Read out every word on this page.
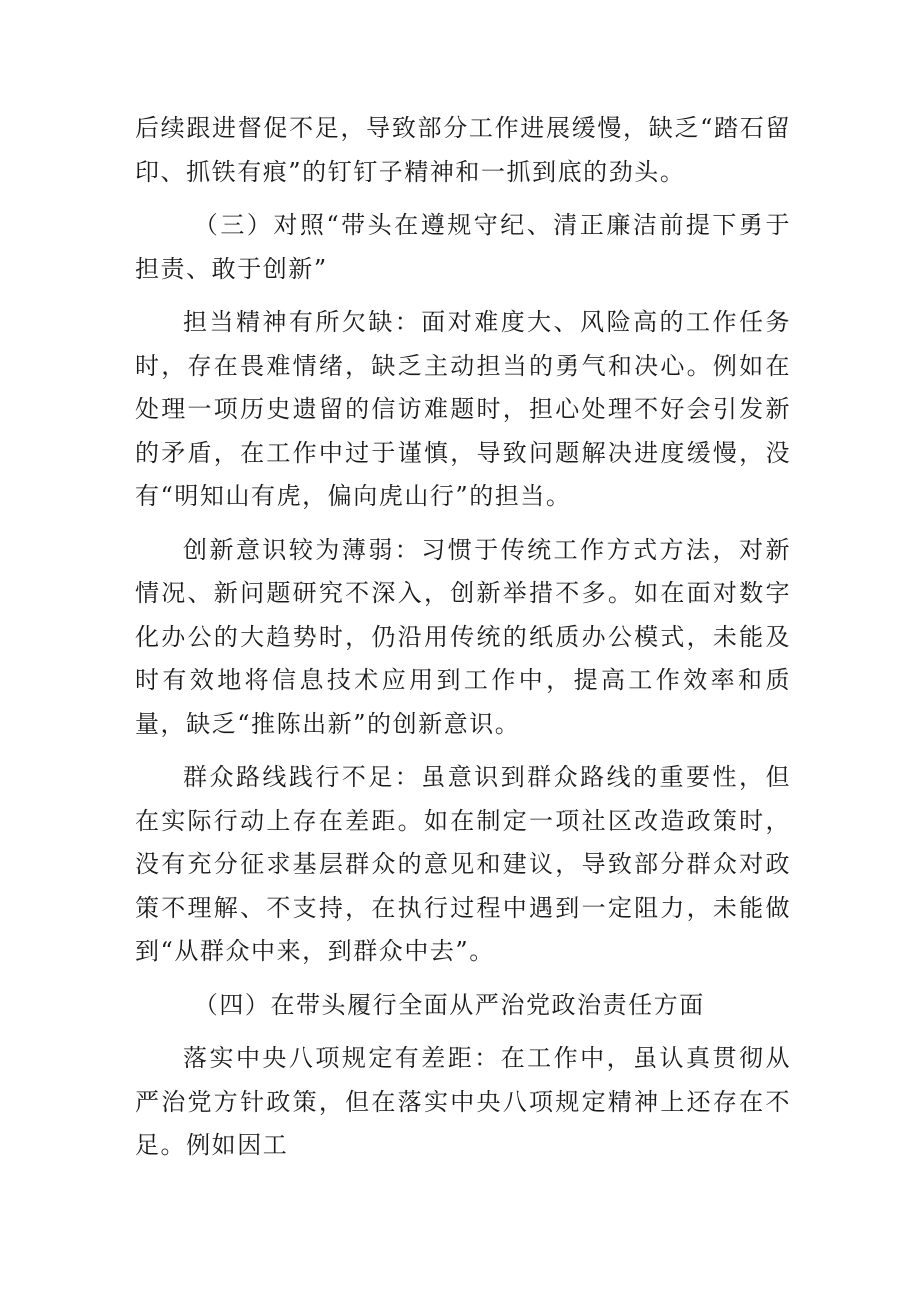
后续跟进督促不足，导致部分工作进展缓慢，缺乏“踏石留印、抓铁有痕”的钉钉子精神和一抓到底的劲头。

（三）对照“带头在遵规守纪、清正廉洁前提下勇于担责、敢于创新”

担当精神有所欠缺：面对难度大、风险高的工作任务时，存在畏难情绪，缺乏主动担当的勇气和决心。例如在处理一项历史遗留的信访难题时，担心处理不好会引发新的矛盾，在工作中过于谨慎，导致问题解决进度缓慢，没有“明知山有虎，偏向虎山行”的担当。

创新意识较为薄弱：习惯于传统工作方式方法，对新情况、新问题研究不深入，创新举措不多。如在面对数字化办公的大趋势时，仍沿用传统的纸质办公模式，未能及时有效地将信息技术应用到工作中，提高工作效率和质量，缺乏“推陈出新”的创新意识。

群众路线践行不足：虽意识到群众路线的重要性，但在实际行动上存在差距。如在制定一项社区改造政策时，没有充分征求基层群众的意见和建议，导致部分群众对政策不理解、不支持，在执行过程中遇到一定阻力，未能做到“从群众中来，到群众中去”。

（四）在带头履行全面从严治党政治责任方面

落实中央八项规定有差距：在工作中，虽认真贯彻从严治党方针政策，但在落实中央八项规定精神上还存在不足。例如因工
